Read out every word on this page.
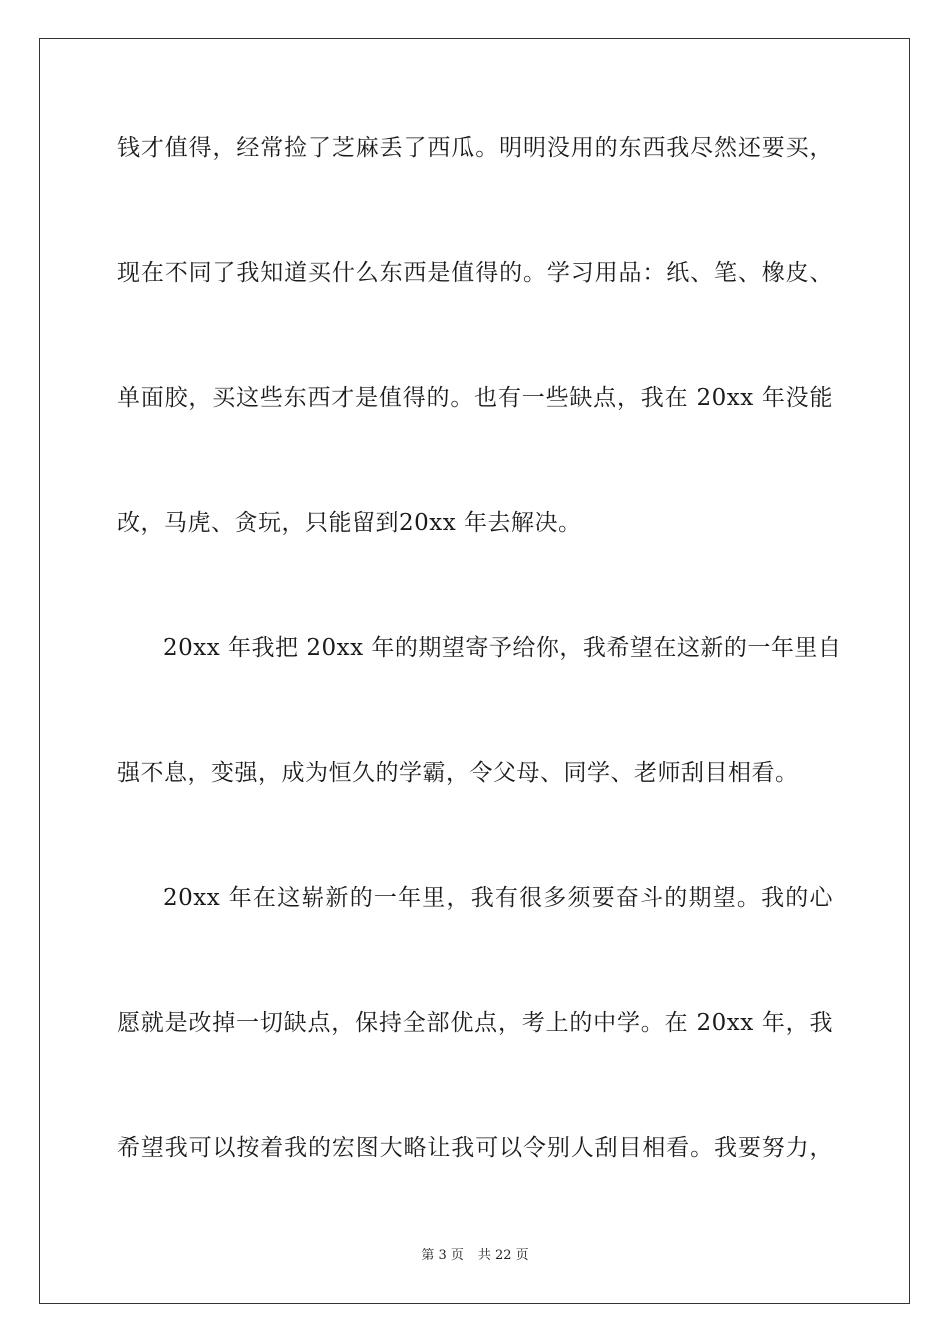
钱才值得，经常捡了芝麻丢了西瓜。明明没用的东西我尽然还要买，
现在不同了我知道买什么东西是值得的。学习用品：纸、笔、橡皮、
单面胶，买这些东西才是值得的。也有一些缺点，我在 20xx 年没能
改，马虎、贪玩，只能留到20xx 年去解决。
20xx 年我把 20xx 年的期望寄予给你，我希望在这新的一年里自
强不息，变强，成为恒久的学霸，令父母、同学、老师刮目相看。
20xx 年在这崭新的一年里，我有很多须要奋斗的期望。我的心
愿就是改掉一切缺点，保持全部优点，考上的中学。在 20xx 年，我
希望我可以按着我的宏图大略让我可以令别人刮目相看。我要努力，
第 3 页 共 22 页
